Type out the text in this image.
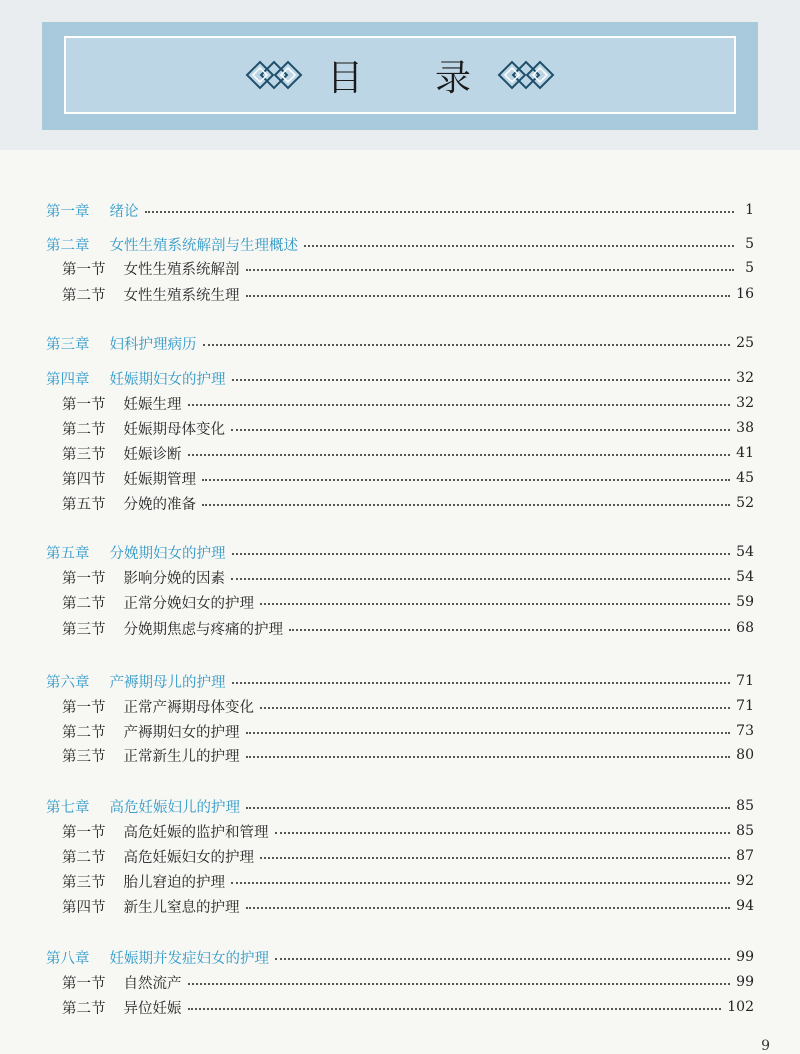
目 录
第一章 绪论	1
第二章 女性生殖系统解剖与生理概述	5
第一节 女性生殖系统解剖	5
第二节 女性生殖系统生理	16
第三章 妇科护理病历	25
第四章 妊娠期妇女的护理	32
第一节 妊娠生理	32
第二节 妊娠期母体变化	38
第三节 妊娠诊断	41
第四节 妊娠期管理	45
第五节 分娩的准备	52
第五章 分娩期妇女的护理	54
第一节 影响分娩的因素	54
第二节 正常分娩妇女的护理	59
第三节 分娩期焦虑与疼痛的护理	68
第六章 产褥期母儿的护理	71
第一节 正常产褥期母体变化	71
第二节 产褥期妇女的护理	73
第三节 正常新生儿的护理	80
第七章 高危妊娠妇儿的护理	85
第一节 高危妊娠的监护和管理	85
第二节 高危妊娠妇女的护理	87
第三节 胎儿窘迫的护理	92
第四节 新生儿窒息的护理	94
第八章 妊娠期并发症妇女的护理	99
第一节 自然流产	99
第二节 异位妊娠	102
9
